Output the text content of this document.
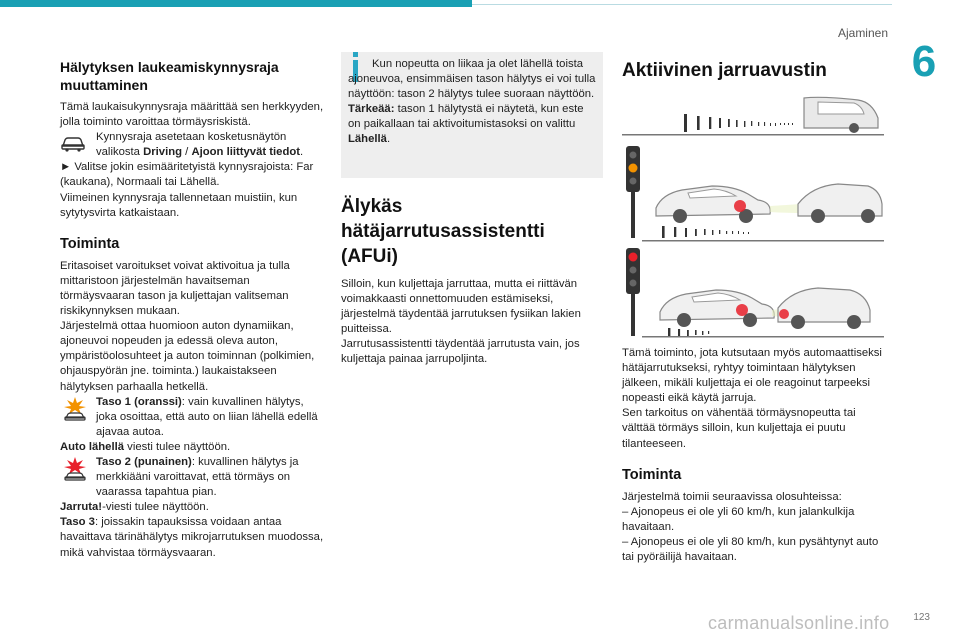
Ajaminen
6

Hälytyksen laukeamiskynnysraja muuttaminen

Tämä laukaisukynnysraja määrittää sen herkkyyden, jolla toiminto varoittaa törmäysriskistä.

Kynnysraja asetetaan kosketusnäytön valikosta Driving / Ajoon liittyvät tiedot.

► Valitse jokin esimääritetyistä kynnysrajoista: Far (kaukana), Normaali tai Lähellä.

Viimeinen kynnysraja tallennetaan muistiin, kun sytytysvirta katkaistaan.

Toiminta

Eritasoiset varoitukset voivat aktivoitua ja tulla mittaristoon järjestelmän havaitseman törmäysvaaran tason ja kuljettajan valitseman riskikynnyksen mukaan.

Järjestelmä ottaa huomioon auton dynamiikan, ajoneuvoi nopeuden ja edessä oleva auton, ympäristöolosuhteet ja auton toiminnan (polkimien, ohjauspyörän jne. toiminta.) laukaistakseen hälytyksen parhaalla hetkellä.

Taso 1 (oranssi): vain kuvallinen hälytys, joka osoittaa, että auto on liian lähellä edellä ajavaa autoa.

Auto lähellä viesti tulee näyttöön.

Taso 2 (punainen): kuvallinen hälytys ja merkkiääni varoittavat, että törmäys on vaarassa tapahtua pian.

Jarruta!-viesti tulee näyttöön.

Taso 3: joissakin tapauksissa voidaan antaa havaittava tärinähälytys mikrojarrutuksen muodossa, mikä vahvistaa törmäysvaaran.

Kun nopeutta on liikaa ja olet lähellä toista ajoneuvoa, ensimmäisen tason hälytys ei voi tulla näyttöön: tason 2 hälytys tulee suoraan näyttöön.

Tärkeää: tason 1 hälytystä ei näytetä, kun este on paikallaan tai aktivoitumistasoksi on valittu Lähellä.

Älykäs hätäjarrutusassistentti (AFUi)

Silloin, kun kuljettaja jarruttaa, mutta ei riittävän voimakkaasti onnettomuuden estämiseksi, järjestelmä täydentää jarrutuksen fysiikan lakien puitteissa.

Jarrutusassistentti täydentää jarrutusta vain, jos kuljettaja painaa jarrupoljinta.

Aktiivinen jarruavustin

Tämä toiminto, jota kutsutaan myös automaattiseksi hätäjarrutukseksi, ryhtyy toimintaan hälytyksen jälkeen, mikäli kuljettaja ei ole reagoinut tarpeeksi nopeasti eikä käytä jarruja.

Sen tarkoitus on vähentää törmäysnopeutta tai välttää törmäys silloin, kun kuljettaja ei puutu tilanteeseen.

Toiminta

Järjestelmä toimii seuraavissa olosuhteissa:

– Ajonopeus ei ole yli 60 km/h, kun jalankulkija havaitaan.

– Ajonopeus ei ole yli 80 km/h, kun pysähtynyt auto tai pyöräilijä havaitaan.

carmanualsonline.info 123
